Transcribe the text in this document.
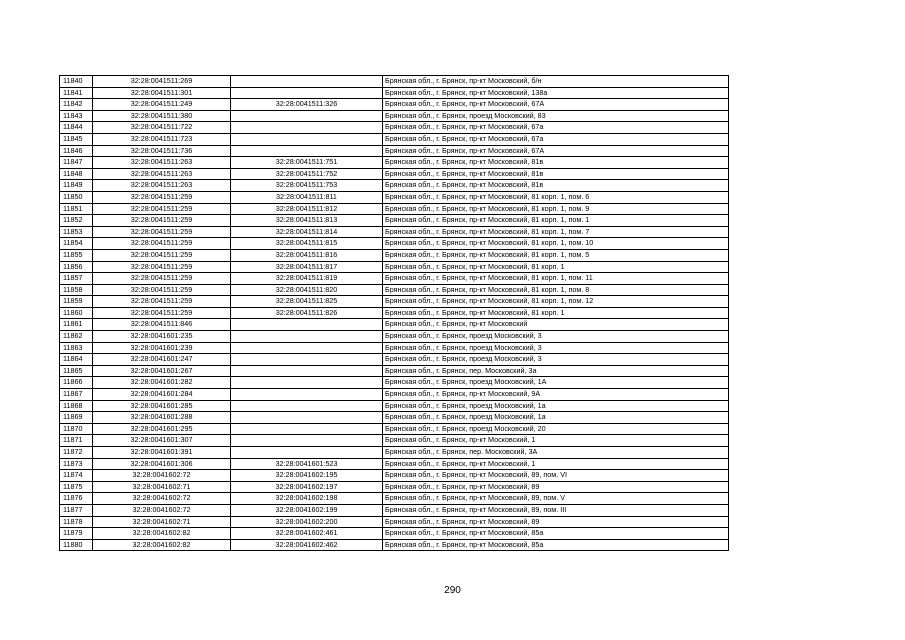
11840	32:28:0041511:269		Брянская обл., г. Брянск, пр-кт Московский, б/н
11841	32:28:0041511:301		Брянская обл., г. Брянск, пр-кт Московский, 138а
11842	32:28:0041511:249	32:28:0041511:326	Брянская обл., г. Брянск, пр-кт Московский, 67А
11843	32:28:0041511:380		Брянская обл., г. Брянск, проезд Московский, 83
11844	32:28:0041511:722		Брянская обл., г. Брянск, пр-кт Московский, 67а
11845	32:28:0041511:723		Брянская обл., г. Брянск, пр-кт Московский, 67а
11846	32:28:0041511:736		Брянская обл., г. Брянск, пр-кт Московский, 67А
11847	32:28:0041511:263	32:28:0041511:751	Брянская обл., г. Брянск, пр-кт Московский, 81в
11848	32:28:0041511:263	32:28:0041511:752	Брянская обл., г. Брянск, пр-кт Московский, 81в
11849	32:28:0041511:263	32:28:0041511:753	Брянская обл., г. Брянск, пр-кт Московский, 81в
11850	32:28:0041511:259	32:28:0041511:811	Брянская обл., г. Брянск, пр-кт Московский, 81 корп. 1, пом. 6
11851	32:28:0041511:259	32:28:0041511:812	Брянская обл., г. Брянск, пр-кт Московский, 81 корп. 1, пом. 9
11852	32:28:0041511:259	32:28:0041511:813	Брянская обл., г. Брянск, пр-кт Московский, 81 корп. 1, пом. 1
11853	32:28:0041511:259	32:28:0041511:814	Брянская обл., г. Брянск, пр-кт Московский, 81 корп. 1, пом. 7
11854	32:28:0041511:259	32:28:0041511:815	Брянская обл., г. Брянск, пр-кт Московский, 81 корп. 1, пом. 10
11855	32:28:0041511:259	32:28:0041511:816	Брянская обл., г. Брянск, пр-кт Московский, 81 корп. 1, пом. 5
11856	32:28:0041511:259	32:28:0041511:817	Брянская обл., г. Брянск, пр-кт Московский, 81 корп. 1
11857	32:28:0041511:259	32:28:0041511:819	Брянская обл., г. Брянск, пр-кт Московский, 81 корп. 1, пом. 11
11858	32:28:0041511:259	32:28:0041511:820	Брянская обл., г. Брянск, пр-кт Московский, 81 корп. 1, пом. 8
11859	32:28:0041511:259	32:28:0041511:825	Брянская обл., г. Брянск, пр-кт Московский, 81 корп. 1, пом. 12
11860	32:28:0041511:259	32:28:0041511:826	Брянская обл., г. Брянск, пр-кт Московский, 81 корп. 1
11861	32:28:0041511:846		Брянская обл., г. Брянск, пр-кт Московский
11862	32:28:0041601:235		Брянская обл., г. Брянск, проезд Московский, 3
11863	32:28:0041601:239		Брянская обл., г. Брянск, проезд Московский, 3
11864	32:28:0041601:247		Брянская обл., г. Брянск, проезд Московский, 3
11865	32:28:0041601:267		Брянская обл., г. Брянск, пер. Московский, 3а
11866	32:28:0041601:282		Брянская обл., г. Брянск, проезд Московский, 1А
11867	32:28:0041601:284		Брянская обл., г. Брянск, пр-кт Московский, 9А
11868	32:28:0041601:285		Брянская обл., г. Брянск, проезд Московский, 1а
11869	32:28:0041601:288		Брянская обл., г. Брянск, проезд Московский, 1а
11870	32:28:0041601:295		Брянская обл., г. Брянск, проезд Московский, 20
11871	32:28:0041601:307		Брянская обл., г. Брянск, пр-кт Московский, 1
11872	32:28:0041601:391		Брянская обл., г. Брянск, пер. Московский, 3А
11873	32:28:0041601:306	32:28:0041601:523	Брянская обл., г. Брянск, пр-кт Московский, 1
11874	32:28:0041602:72	32:28:0041602:195	Брянская обл., г. Брянск, пр-кт Московский, 89, пом. VI
11875	32:28:0041602:71	32:28:0041602:197	Брянская обл., г. Брянск, пр-кт Московский, 89
11876	32:28:0041602:72	32:28:0041602:198	Брянская обл., г. Брянск, пр-кт Московский, 89, пом. V
11877	32:28:0041602:72	32:28:0041602:199	Брянская обл., г. Брянск, пр-кт Московский, 89, пом. III
11878	32:28:0041602:71	32:28:0041602:200	Брянская обл., г. Брянск, пр-кт Московский, 89
11879	32:28:0041602:82	32:28:0041602:461	Брянская обл., г. Брянск, пр-кт Московский, 85а
11880	32:28:0041602:82	32:28:0041602:462	Брянская обл., г. Брянск, пр-кт Московский, 85а
290
